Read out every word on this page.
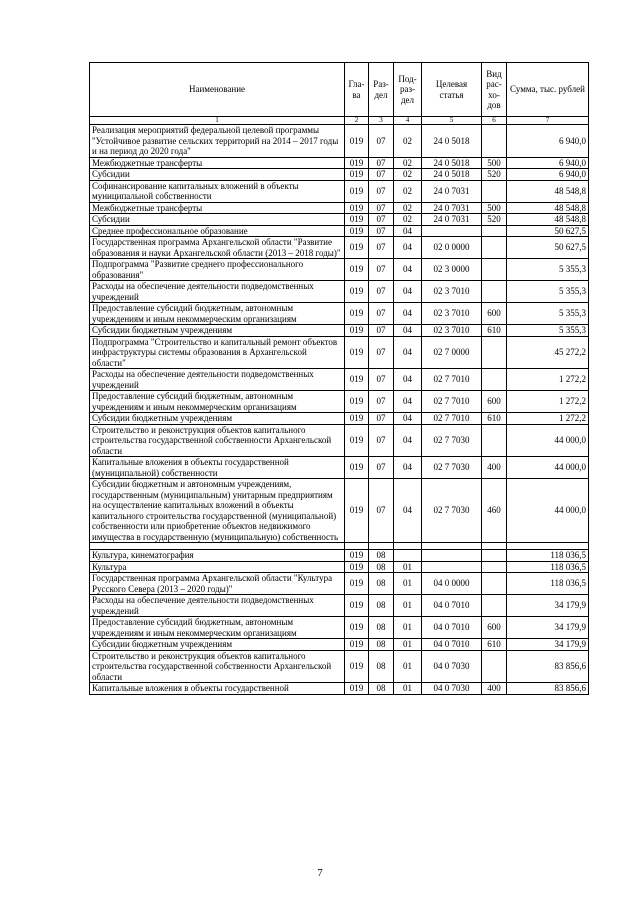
Наименование	Гла-ва	Раз-дел	Под-раз-дел	Целевая статья	Вид рас-хо-дов	Сумма, тыс. рублей
1	2	3	4	5	6	7
Реализация мероприятий федеральной целевой программы "Устойчивое развитие сельских территорий на 2014 – 2017 годы и на период до 2020 года"	019	07	02	24 0 5018		6 940,0
Межбюджетные трансферты	019	07	02	24 0 5018	500	6 940,0
Субсидии	019	07	02	24 0 5018	520	6 940,0
Софинансирование капитальных вложений в объекты муниципальной собственности	019	07	02	24 0 7031		48 548,8
Межбюджетные трансферты	019	07	02	24 0 7031	500	48 548,8
Субсидии	019	07	02	24 0 7031	520	48 548,8
Среднее профессиональное образование	019	07	04			50 627,5
Государственная программа Архангельской области "Развитие образования и науки Архангельской области (2013 – 2018 годы)"	019	07	04	02 0 0000		50 627,5
Подпрограмма "Развитие среднего профессионального образования"	019	07	04	02 3 0000		5 355,3
Расходы на обеспечение деятельности подведомственных учреждений	019	07	04	02 3 7010		5 355,3
Предоставление субсидий бюджетным, автономным учреждениям и иным некоммерческим организациям	019	07	04	02 3 7010	600	5 355,3
Субсидии бюджетным учреждениям	019	07	04	02 3 7010	610	5 355,3
Подпрограмма "Строительство и капитальный ремонт объектов инфраструктуры системы образования в Архангельской области"	019	07	04	02 7 0000		45 272,2
Расходы на обеспечение деятельности подведомственных учреждений	019	07	04	02 7 7010		1 272,2
Предоставление субсидий бюджетным, автономным учреждениям и иным некоммерческим организациям	019	07	04	02 7 7010	600	1 272,2
Субсидии бюджетным учреждениям	019	07	04	02 7 7010	610	1 272,2
Строительство и реконструкция объектов капитального строительства государственной собственности Архангельской области	019	07	04	02 7 7030		44 000,0
Капитальные вложения в объекты государственной (муниципальной) собственности	019	07	04	02 7 7030	400	44 000,0
Субсидии бюджетным и автономным учреждениям, государственным (муниципальным) унитарным предприятиям на осуществление капитальных вложений в объекты капитального строительства государственной (муниципальной) собственности или приобретение объектов недвижимого имущества в государственную (муниципальную) собственность	019	07	04	02 7 7030	460	44 000,0

Культура, кинематография	019	08				118 036,5
Культура	019	08	01			118 036,5
Государственная программа Архангельской области "Культура Русского Севера (2013 – 2020 годы)"	019	08	01	04 0 0000		118 036,5
Расходы на обеспечение деятельности подведомственных учреждений	019	08	01	04 0 7010		34 179,9
Предоставление субсидий бюджетным, автономным учреждениям и иным некоммерческим организациям	019	08	01	04 0 7010	600	34 179,9
Субсидии бюджетным учреждениям	019	08	01	04 0 7010	610	34 179,9
Строительство и реконструкция объектов капитального строительства государственной собственности Архангельской области	019	08	01	04 0 7030		83 856,6
Капитальные вложения в объекты государственной	019	08	01	04 0 7030	400	83 856,6
7
